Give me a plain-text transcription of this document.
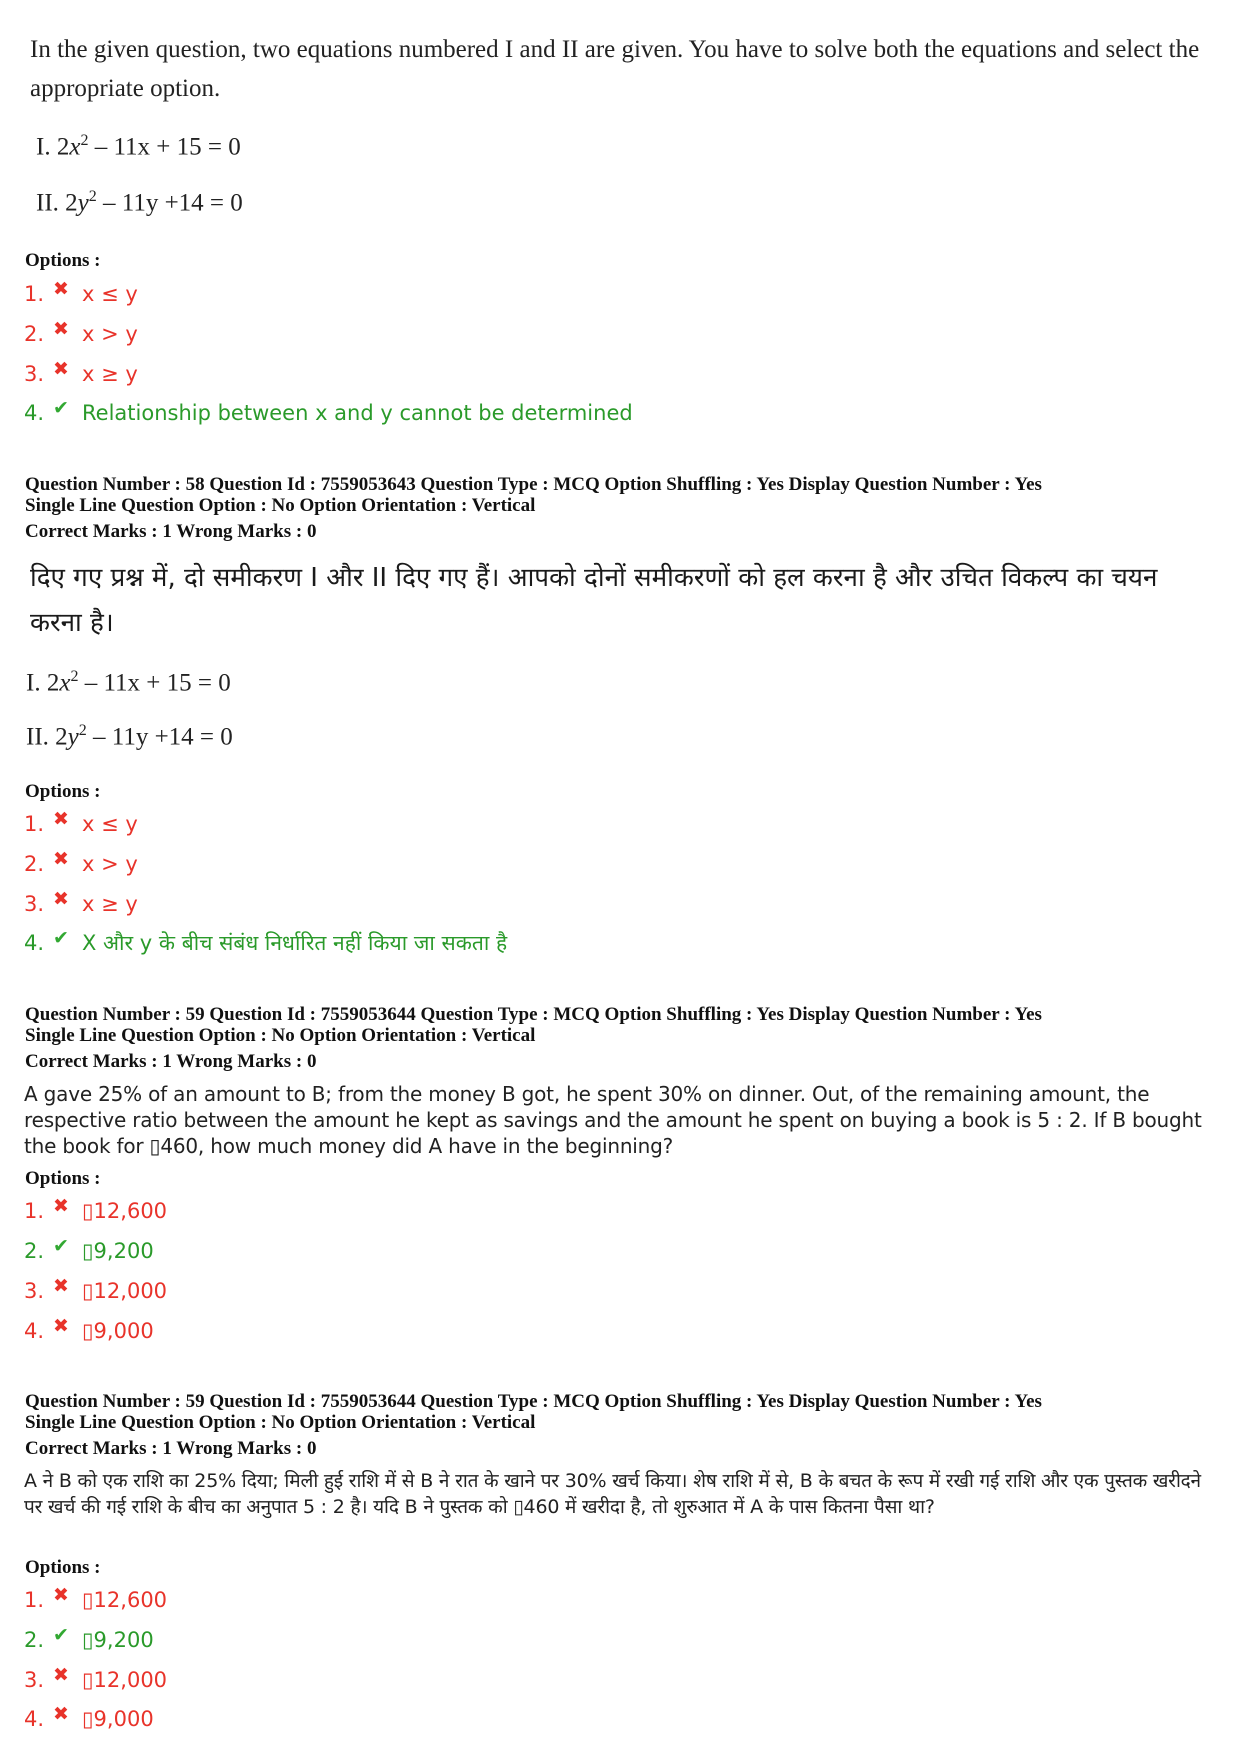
In the given question, two equations numbered I and II are given. You have to solve both the equations and select the appropriate option.
I. $2x^2 - 11x + 15 = 0$
II. $2y^2 - 11y +14 = 0$
Options :
1. ✖ x ≤ y
2. ✖ x > y
3. ✖ x ≥ y
4. ✔ Relationship between x and y cannot be determined
Question Number : 58 Question Id : 7559053643 Question Type : MCQ Option Shuffling : Yes Display Question Number : Yes
Single Line Question Option : No Option Orientation : Vertical
Correct Marks : 1 Wrong Marks : 0
दिए गए प्रश्न में, दो समीकरण I और II दिए गए हैं। आपको दोनों समीकरणों को हल करना है और उचित विकल्प का चयन करना है।
I. $2x^2 - 11x + 15 = 0$
II. $2y^2 - 11y +14 = 0$
Options :
1. ✖ x ≤ y
2. ✖ x > y
3. ✖ x ≥ y
4. ✔ X और y के बीच संबंध निर्धारित नहीं किया जा सकता है
Question Number : 59 Question Id : 7559053644 Question Type : MCQ Option Shuffling : Yes Display Question Number : Yes
Single Line Question Option : No Option Orientation : Vertical
Correct Marks : 1 Wrong Marks : 0
A gave 25% of an amount to B; from the money B got, he spent 30% on dinner. Out, of the remaining amount, the respective ratio between the amount he kept as savings and the amount he spent on buying a book is 5 : 2. If B bought the book for ▯460, how much money did A have in the beginning?
Options :
1. ✖ ▯12,600
2. ✔ ▯9,200
3. ✖ ▯12,000
4. ✖ ▯9,000
Question Number : 59 Question Id : 7559053644 Question Type : MCQ Option Shuffling : Yes Display Question Number : Yes
Single Line Question Option : No Option Orientation : Vertical
Correct Marks : 1 Wrong Marks : 0
A ने B को एक राशि का 25% दिया; मिली हुई राशि में से B ने रात के खाने पर 30% खर्च किया। शेष राशि में से, B के बचत के रूप में रखी गई राशि और एक पुस्तक खरीदने पर खर्च की गई राशि के बीच का अनुपात 5 : 2 है। यदि B ने पुस्तक को ▯460 में खरीदा है, तो शुरुआत में A के पास कितना पैसा था?
Options :
1. ✖ ▯12,600
2. ✔ ▯9,200
3. ✖ ▯12,000
4. ✖ ▯9,000
